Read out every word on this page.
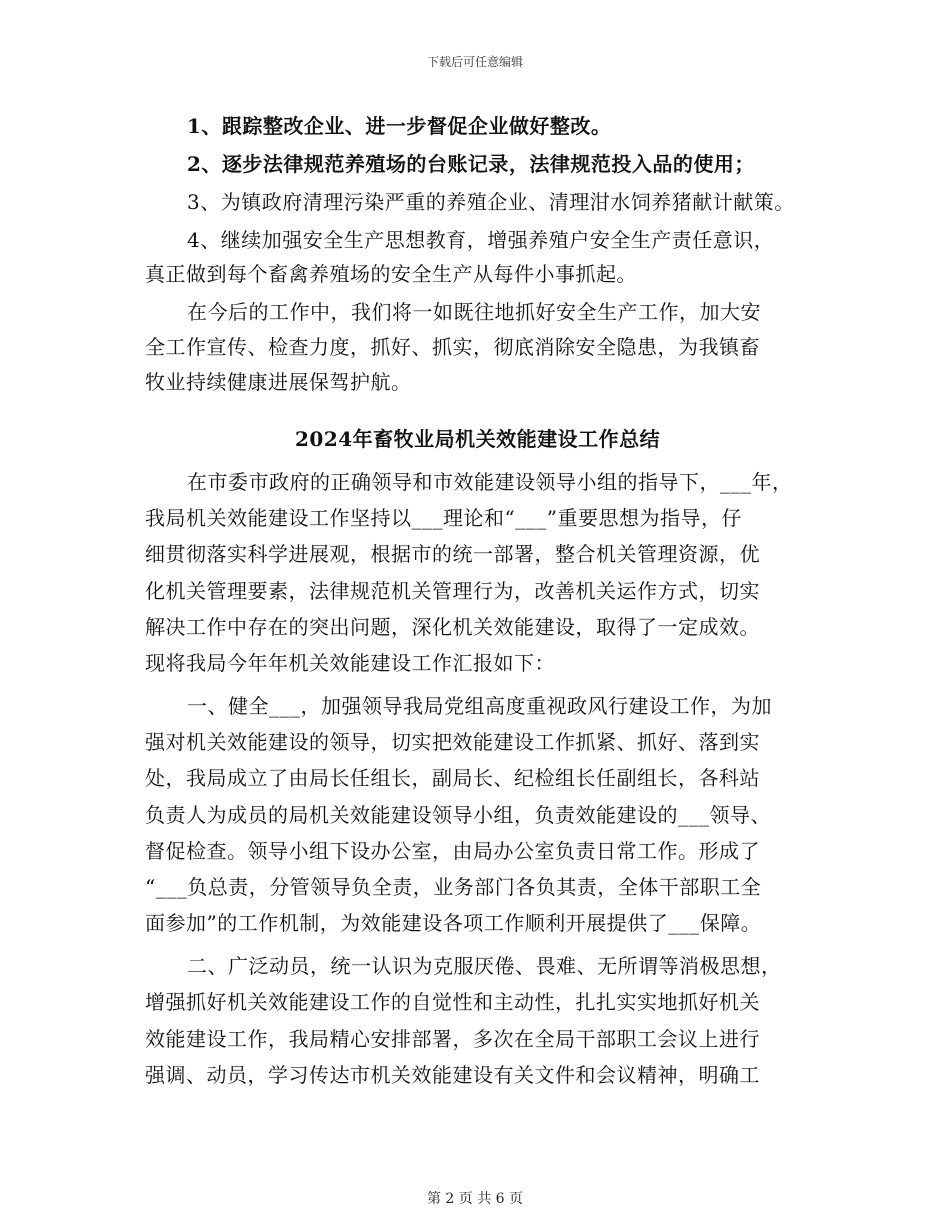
下载后可任意编辑
1、跟踪整改企业、进一步督促企业做好整改。
2、逐步法律规范养殖场的台账记录，法律规范投入品的使用；
3、为镇政府清理污染严重的养殖企业、清理泔水饲养猪献计献策。
4、继续加强安全生产思想教育，增强养殖户安全生产责任意识，
真正做到每个畜禽养殖场的安全生产从每件小事抓起。
在今后的工作中，我们将一如既往地抓好安全生产工作，加大安
全工作宣传、检查力度，抓好、抓实，彻底消除安全隐患，为我镇畜
牧业持续健康进展保驾护航。
2024年畜牧业局机关效能建设工作总结
在市委市政府的正确领导和市效能建设领导小组的指导下，___年，
我局机关效能建设工作坚持以___理论和“___”重要思想为指导，仔
细贯彻落实科学进展观，根据市的统一部署，整合机关管理资源，优
化机关管理要素，法律规范机关管理行为，改善机关运作方式，切实
解决工作中存在的突出问题，深化机关效能建设，取得了一定成效。
现将我局今年年机关效能建设工作汇报如下：
一、健全___，加强领导我局党组高度重视政风行建设工作，为加
强对机关效能建设的领导，切实把效能建设工作抓紧、抓好、落到实
处，我局成立了由局长任组长，副局长、纪检组长任副组长，各科站
负责人为成员的局机关效能建设领导小组，负责效能建设的___领导、
督促检查。领导小组下设办公室，由局办公室负责日常工作。形成了
“___负总责，分管领导负全责，业务部门各负其责，全体干部职工全
面参加”的工作机制，为效能建设各项工作顺利开展提供了___保障。
二、广泛动员，统一认识为克服厌倦、畏难、无所谓等消极思想，
增强抓好机关效能建设工作的自觉性和主动性，扎扎实实地抓好机关
效能建设工作，我局精心安排部署，多次在全局干部职工会议上进行
强调、动员，学习传达市机关效能建设有关文件和会议精神，明确工
第 2 页 共 6 页
